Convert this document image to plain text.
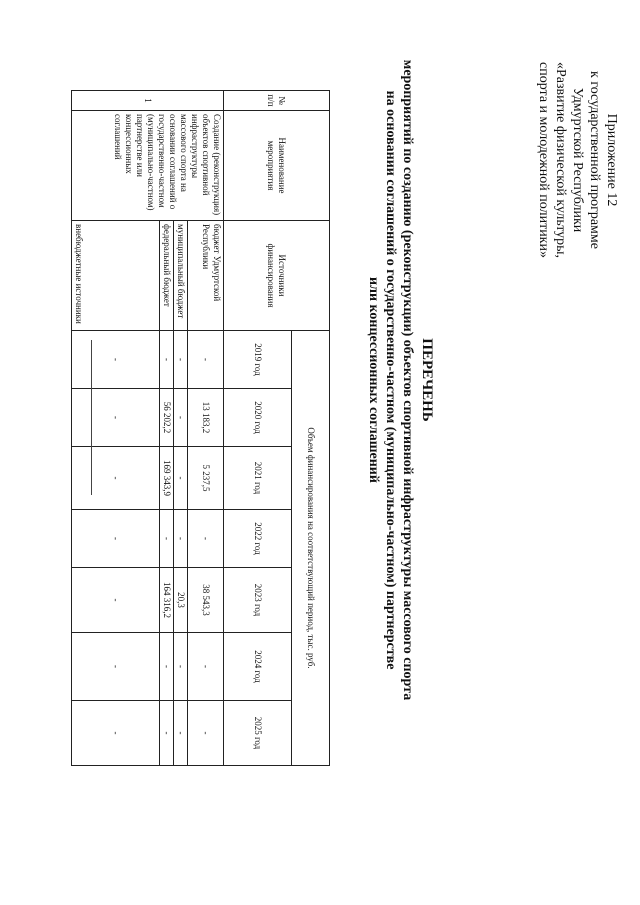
Приложение 12
к государственной программе
Удмуртской Республики
«Развитие физической культуры,
спорта и молодежной политики»
ПЕРЕЧЕНЬ
мероприятий по созданию (реконструкции) объектов спортивной инфраструктуры массового спорта
на основании соглашений о государственно-частном (муниципально-частном) партнерстве
или концессионных соглашений
№ п/п	Наименование мероприятия	Источники финансирования	Объем финансирования на соответствующий период, тыс. руб.						
			2019 год	2020 год	2021 год	2022 год	2023 год	2024 год	2025 год
1	Создание (реконструкция) объектов спортивной инфраструктуры массового спорта на основании соглашений о государственно-частном (муниципально-частном) партнерстве или концессионных соглашений	бюджет Удмуртской Республики	-	13 183,2	5 237,5	-	38 543,3	-	-
		муниципальный бюджет	-	-	-	-	20,3	-	-
		федеральный бюджет	-	56 202,2	169 343,9	-	164 316,2	-	-
		внебюджетные источники	-	-	-	-	-	-	-
